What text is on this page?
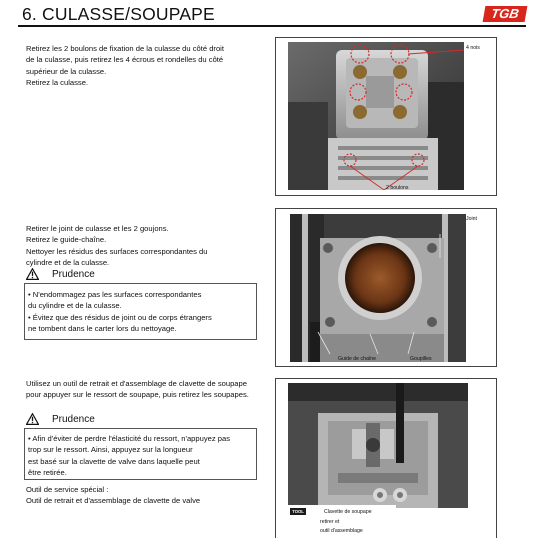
6. CULASSE/SOUPAPE	TGB

Retirez les 2 boulons de fixation de la culasse du côté droit

de la culasse, puis retirez les 4 écrous et rondelles du côté

supérieur de la culasse.

Retirez la culasse.

4 nois
2 boulons

Retirer le joint de culasse et les 2 goujons.

Retirez le guide-chaîne.

Nettoyer les résidus des surfaces correspondantes du

cylindre et de la culasse.

Prudence

• N'endommagez pas les surfaces correspondantes

du cylindre et de la culasse.

• Évitez que des résidus de joint ou de corps étrangers

ne tombent dans le carter lors du nettoyage.

Joint
Guide de chaîne	Goupilles

Utilisez un outil de retrait et d'assemblage de clavette de soupape

pour appuyer sur le ressort de soupape, puis retirez les soupapes.

Prudence

• Afin d'éviter de perdre l'élasticité du ressort, n'appuyez pas

trop sur le ressort. Ainsi, appuyez sur la longueur

est basé sur la clavette de valve dans laquelle peut

être retirée.

Outil de service spécial :

Outil de retrait et d'assemblage de clavette de valve

TOOL	Clavette de soupape
retirer et
outil d'assemblage
